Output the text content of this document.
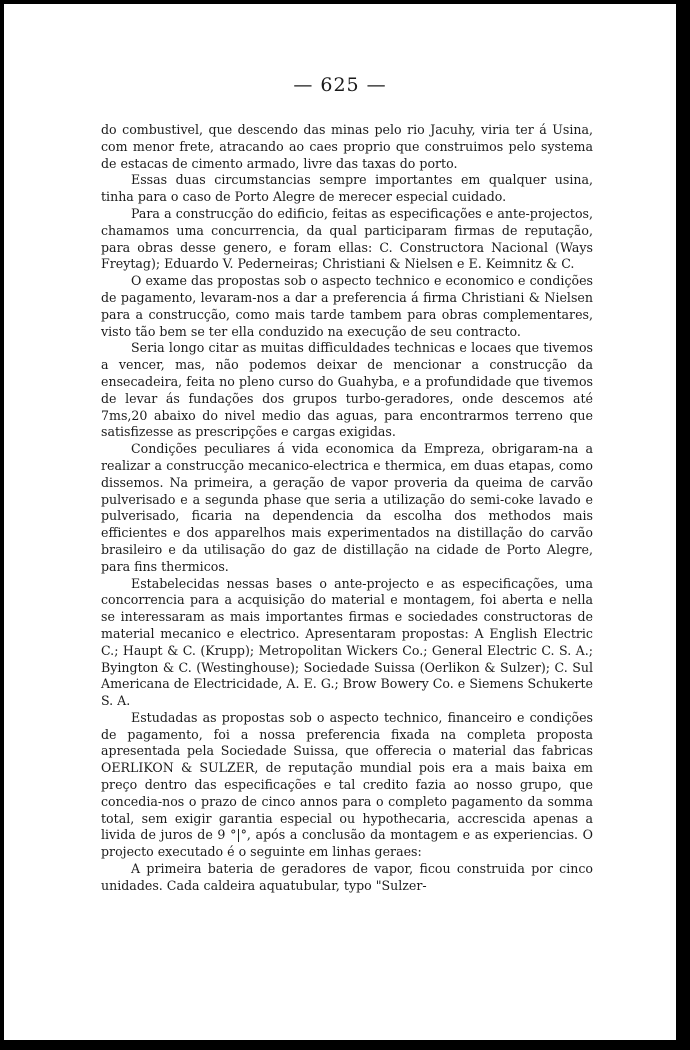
— 625 —

do combustivel, que descendo das minas pelo rio Jacuhy, viria ter á Usina, com menor frete, atracando ao caes proprio que construimos pelo systema de estacas de cimento armado, livre das taxas do porto.

Essas duas circumstancias sempre importantes em qualquer usina, tinha para o caso de Porto Alegre de merecer especial cuidado.

Para a construcção do edificio, feitas as especificações e ante-projectos, chamamos uma concurrencia, da qual participaram firmas de reputação, para obras desse genero, e foram ellas: C. Constructora Nacional (Ways Freytag); Eduardo V. Pederneiras; Christiani & Nielsen e E. Keimnitz & C.

O exame das propostas sob o aspecto technico e economico e condições de pagamento, levaram-nos a dar a preferencia á firma Christiani & Nielsen para a construcção, como mais tarde tambem para obras complementares, visto tão bem se ter ella conduzido na execução de seu contracto.

Seria longo citar as muitas difficuldades technicas e locaes que tivemos a vencer, mas, não podemos deixar de mencionar a construcção da ensecadeira, feita no pleno curso do Guahyba, e a profundidade que tivemos de levar ás fundações dos grupos turbo-geradores, onde descemos até 7ms,20 abaixo do nivel medio das aguas, para encontrarmos terreno que satisfizesse as prescripções e cargas exigidas.

Condições peculiares á vida economica da Empreza, obrigaram-na a realizar a construcção mecanico-electrica e thermica, em duas etapas, como dissemos. Na primeira, a geração de vapor proveria da queima de carvão pulverisado e a segunda phase que seria a utilização do semi-coke lavado e pulverisado, ficaria na dependencia da escolha dos methodos mais efficientes e dos apparelhos mais experimentados na distillação do carvão brasileiro e da utilisação do gaz de distillação na cidade de Porto Alegre, para fins thermicos.

Estabelecidas nessas bases o ante-projecto e as especificações, uma concorrencia para a acquisição do material e montagem, foi aberta e nella se interessaram as mais importantes firmas e sociedades constructoras de material mecanico e electrico. Apresentaram propostas: A English Electric C.; Haupt & C. (Krupp); Metropolitan Wickers Co.; General Electric C. S. A.; Byington & C. (Westinghouse); Sociedade Suissa (Oerlikon & Sulzer); C. Sul Americana de Electricidade, A. E. G.; Brow Bowery Co. e Siemens Schukerte S. A.

Estudadas as propostas sob o aspecto technico, financeiro e condições de pagamento, foi a nossa preferencia fixada na completa proposta apresentada pela Sociedade Suissa, que offerecia o material das fabricas OERLIKON & SULZER, de reputação mundial pois era a mais baixa em preço dentro das especificações e tal credito fazia ao nosso grupo, que concedia-nos o prazo de cinco annos para o completo pagamento da somma total, sem exigir garantia especial ou hypothecaria, accrescida apenas a livida de juros de 9 °|°, após a conclusão da montagem e as experiencias. O projecto executado é o seguinte em linhas geraes:

A primeira bateria de geradores de vapor, ficou construida por cinco unidades. Cada caldeira aquatubular, typo "Sulzer-
